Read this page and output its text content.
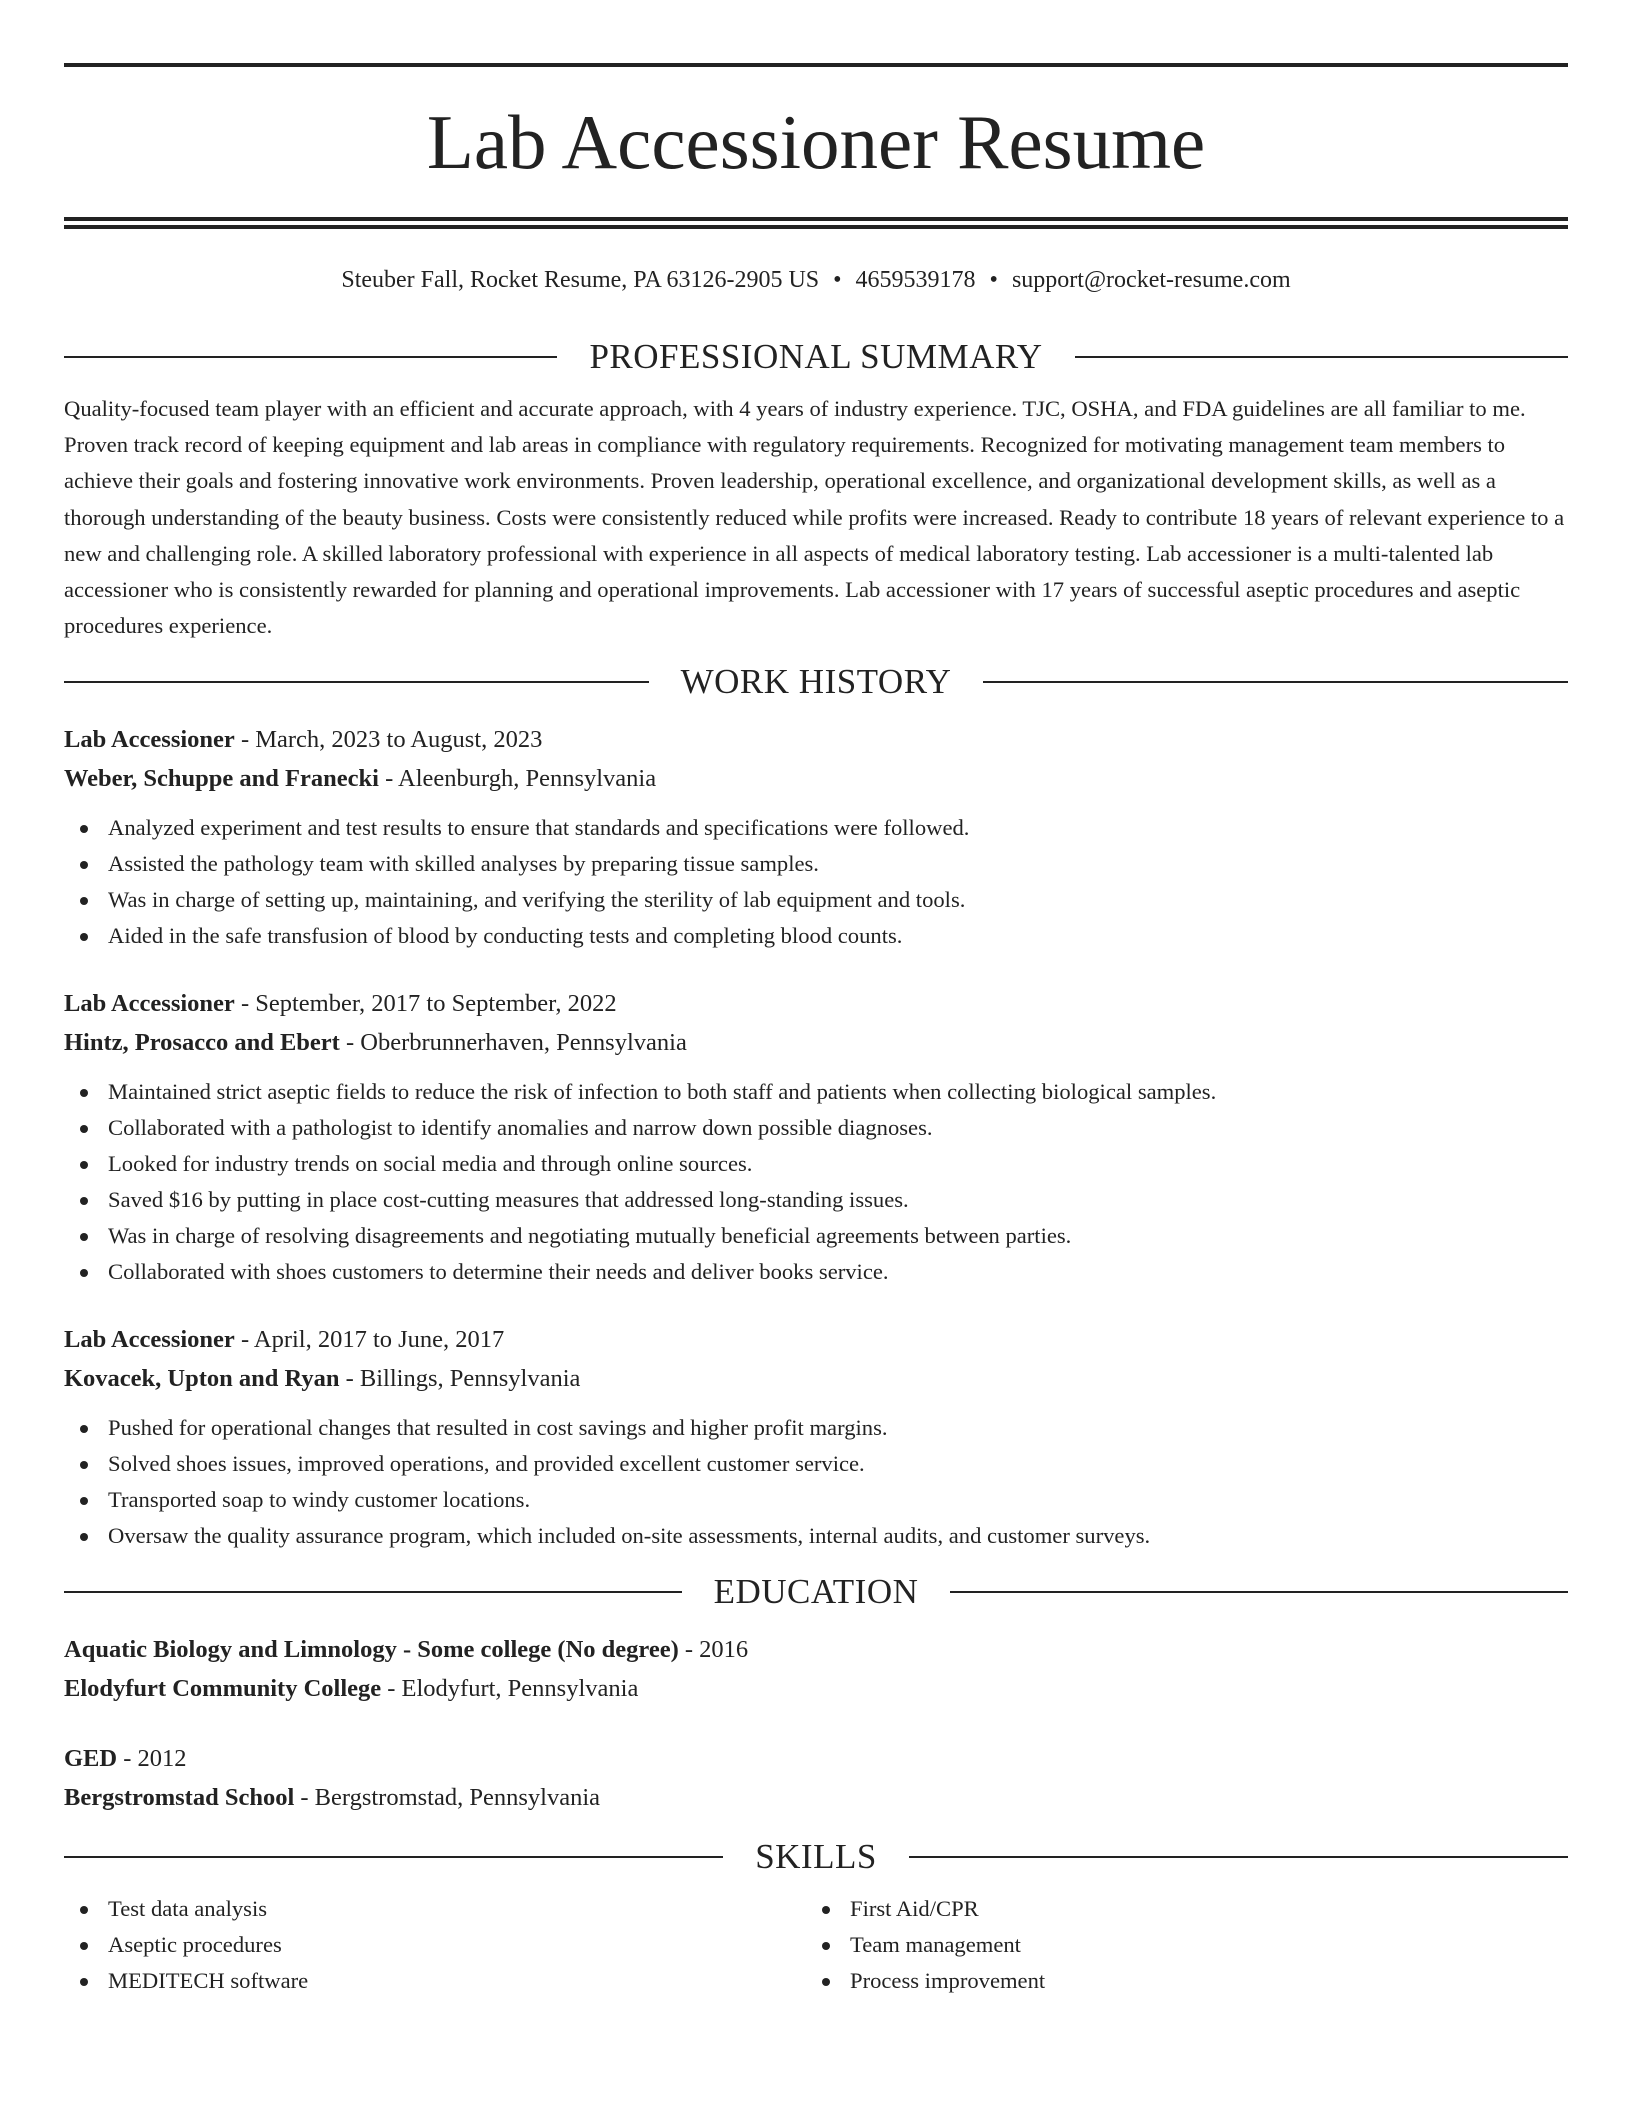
Lab Accessioner Resume
Steuber Fall, Rocket Resume, PA 63126-2905 US • 4659539178 • support@rocket-resume.com
PROFESSIONAL SUMMARY
Quality-focused team player with an efficient and accurate approach, with 4 years of industry experience. TJC, OSHA, and FDA guidelines are all familiar to me. Proven track record of keeping equipment and lab areas in compliance with regulatory requirements. Recognized for motivating management team members to achieve their goals and fostering innovative work environments. Proven leadership, operational excellence, and organizational development skills, as well as a thorough understanding of the beauty business. Costs were consistently reduced while profits were increased. Ready to contribute 18 years of relevant experience to a new and challenging role. A skilled laboratory professional with experience in all aspects of medical laboratory testing. Lab accessioner is a multi-talented lab accessioner who is consistently rewarded for planning and operational improvements. Lab accessioner with 17 years of successful aseptic procedures and aseptic procedures experience.
WORK HISTORY
Lab Accessioner - March, 2023 to August, 2023
Weber, Schuppe and Franecki - Aleenburgh, Pennsylvania
Analyzed experiment and test results to ensure that standards and specifications were followed.
Assisted the pathology team with skilled analyses by preparing tissue samples.
Was in charge of setting up, maintaining, and verifying the sterility of lab equipment and tools.
Aided in the safe transfusion of blood by conducting tests and completing blood counts.
Lab Accessioner - September, 2017 to September, 2022
Hintz, Prosacco and Ebert - Oberbrunnerhaven, Pennsylvania
Maintained strict aseptic fields to reduce the risk of infection to both staff and patients when collecting biological samples.
Collaborated with a pathologist to identify anomalies and narrow down possible diagnoses.
Looked for industry trends on social media and through online sources.
Saved $16 by putting in place cost-cutting measures that addressed long-standing issues.
Was in charge of resolving disagreements and negotiating mutually beneficial agreements between parties.
Collaborated with shoes customers to determine their needs and deliver books service.
Lab Accessioner - April, 2017 to June, 2017
Kovacek, Upton and Ryan - Billings, Pennsylvania
Pushed for operational changes that resulted in cost savings and higher profit margins.
Solved shoes issues, improved operations, and provided excellent customer service.
Transported soap to windy customer locations.
Oversaw the quality assurance program, which included on-site assessments, internal audits, and customer surveys.
EDUCATION
Aquatic Biology and Limnology - Some college (No degree) - 2016
Elodyfurt Community College - Elodyfurt, Pennsylvania
GED - 2012
Bergstromstad School - Bergstromstad, Pennsylvania
SKILLS
Test data analysis
Aseptic procedures
MEDITECH software
First Aid/CPR
Team management
Process improvement
